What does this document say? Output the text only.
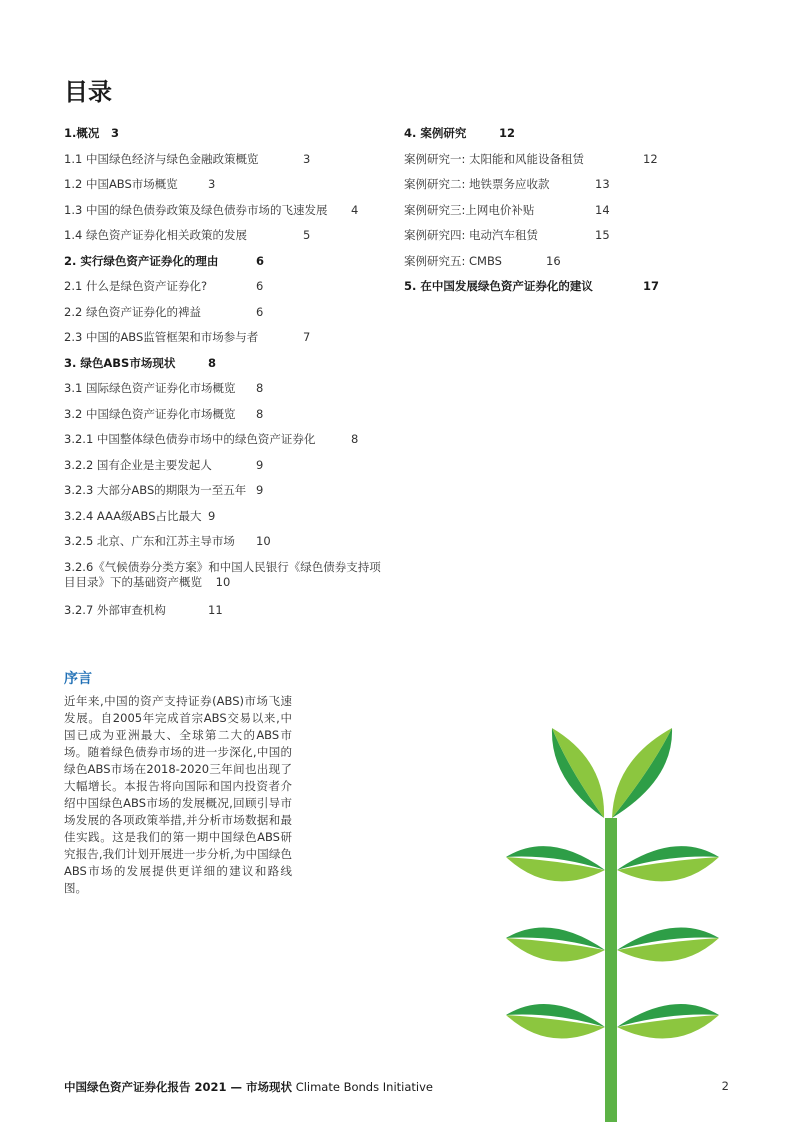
目录
1.概况 3
1.1 中国绿色经济与绿色金融政策概览	3
1.2 中国ABS市场概览	3
1.3 中国的绿色债券政策及绿色债券市场的飞速发展 4
1.4 绿色资产证券化相关政策的发展	5
2. 实行绿色资产证券化的理由	6
2.1 什么是绿色资产证券化?	6
2.2 绿色资产证券化的裨益	6
2.3 中国的ABS监管框架和市场参与者	7
3. 绿色ABS市场现状	8
3.1 国际绿色资产证券化市场概览 8
3.2 中国绿色资产证券化市场概览 8
3.2.1 中国整体绿色债券市场中的绿色资产证券化	8
3.2.2 国有企业是主要发起人	9
3.2.3 大部分ABS的期限为一至五年 9
3.2.4 AAA级ABS占比最大 9
3.2.5 北京、广东和江苏主导市场 10
3.2.6《气候债券分类方案》和中国人民银行《绿色债券支持项目目录》下的基础资产概览 10
3.2.7 外部审查机构	11
4. 案例研究	12
案例研究一: 太阳能和风能设备租赁	12
案例研究二: 地铁票务应收款	13
案例研究三:上网电价补贴	14
案例研究四: 电动汽车租赁	15
案例研究五: CMBS	16
5. 在中国发展绿色资产证券化的建议	17
序言

近年来,中国的资产支持证券(ABS)市场飞速发展。自2005年完成首宗ABS交易以来,中国已成为亚洲最大、全球第二大的ABS市场。随着绿色债券市场的进一步深化,中国的绿色ABS市场在2018-2020三年间也出现了大幅增长。本报告将向国际和国内投资者介绍中国绿色ABS市场的发展概况,回顾引导市场发展的各项政策举措,并分析市场数据和最佳实践。这是我们的第一期中国绿色ABS研究报告,我们计划开展进一步分析,为中国绿色ABS市场的发展提供更详细的建议和路线图。

中国绿色资产证券化报告 2021 — 市场现状 Climate Bonds Initiative	2
